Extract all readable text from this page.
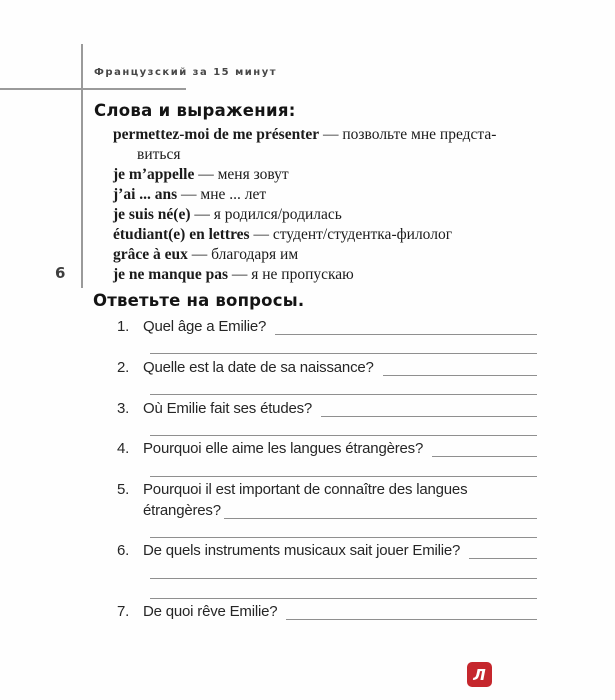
Французский за 15 минут
6
Слова и выражения:
permettez-moi de me présenter — позвольте мне предста-
виться
je m’appelle — меня зовут
j’ai ... ans — мне ... лет
je suis né(e) — я родился/родилась
étudiant(e) en lettres — студент/студентка-филолог
grâce à eux — благодаря им
je ne manque pas — я не пропускаю
Ответьте на вопросы.
1. Quel âge a Emilie?
2. Quelle est la date de sa naissance?
3. Où Emilie fait ses études?
4. Pourquoi elle aime les langues étrangères?
5. Pourquoi il est important de connaître des langues
étrangères?
6. De quels instruments musicaux sait jouer Emilie?
7. De quoi rêve Emilie?
Л
